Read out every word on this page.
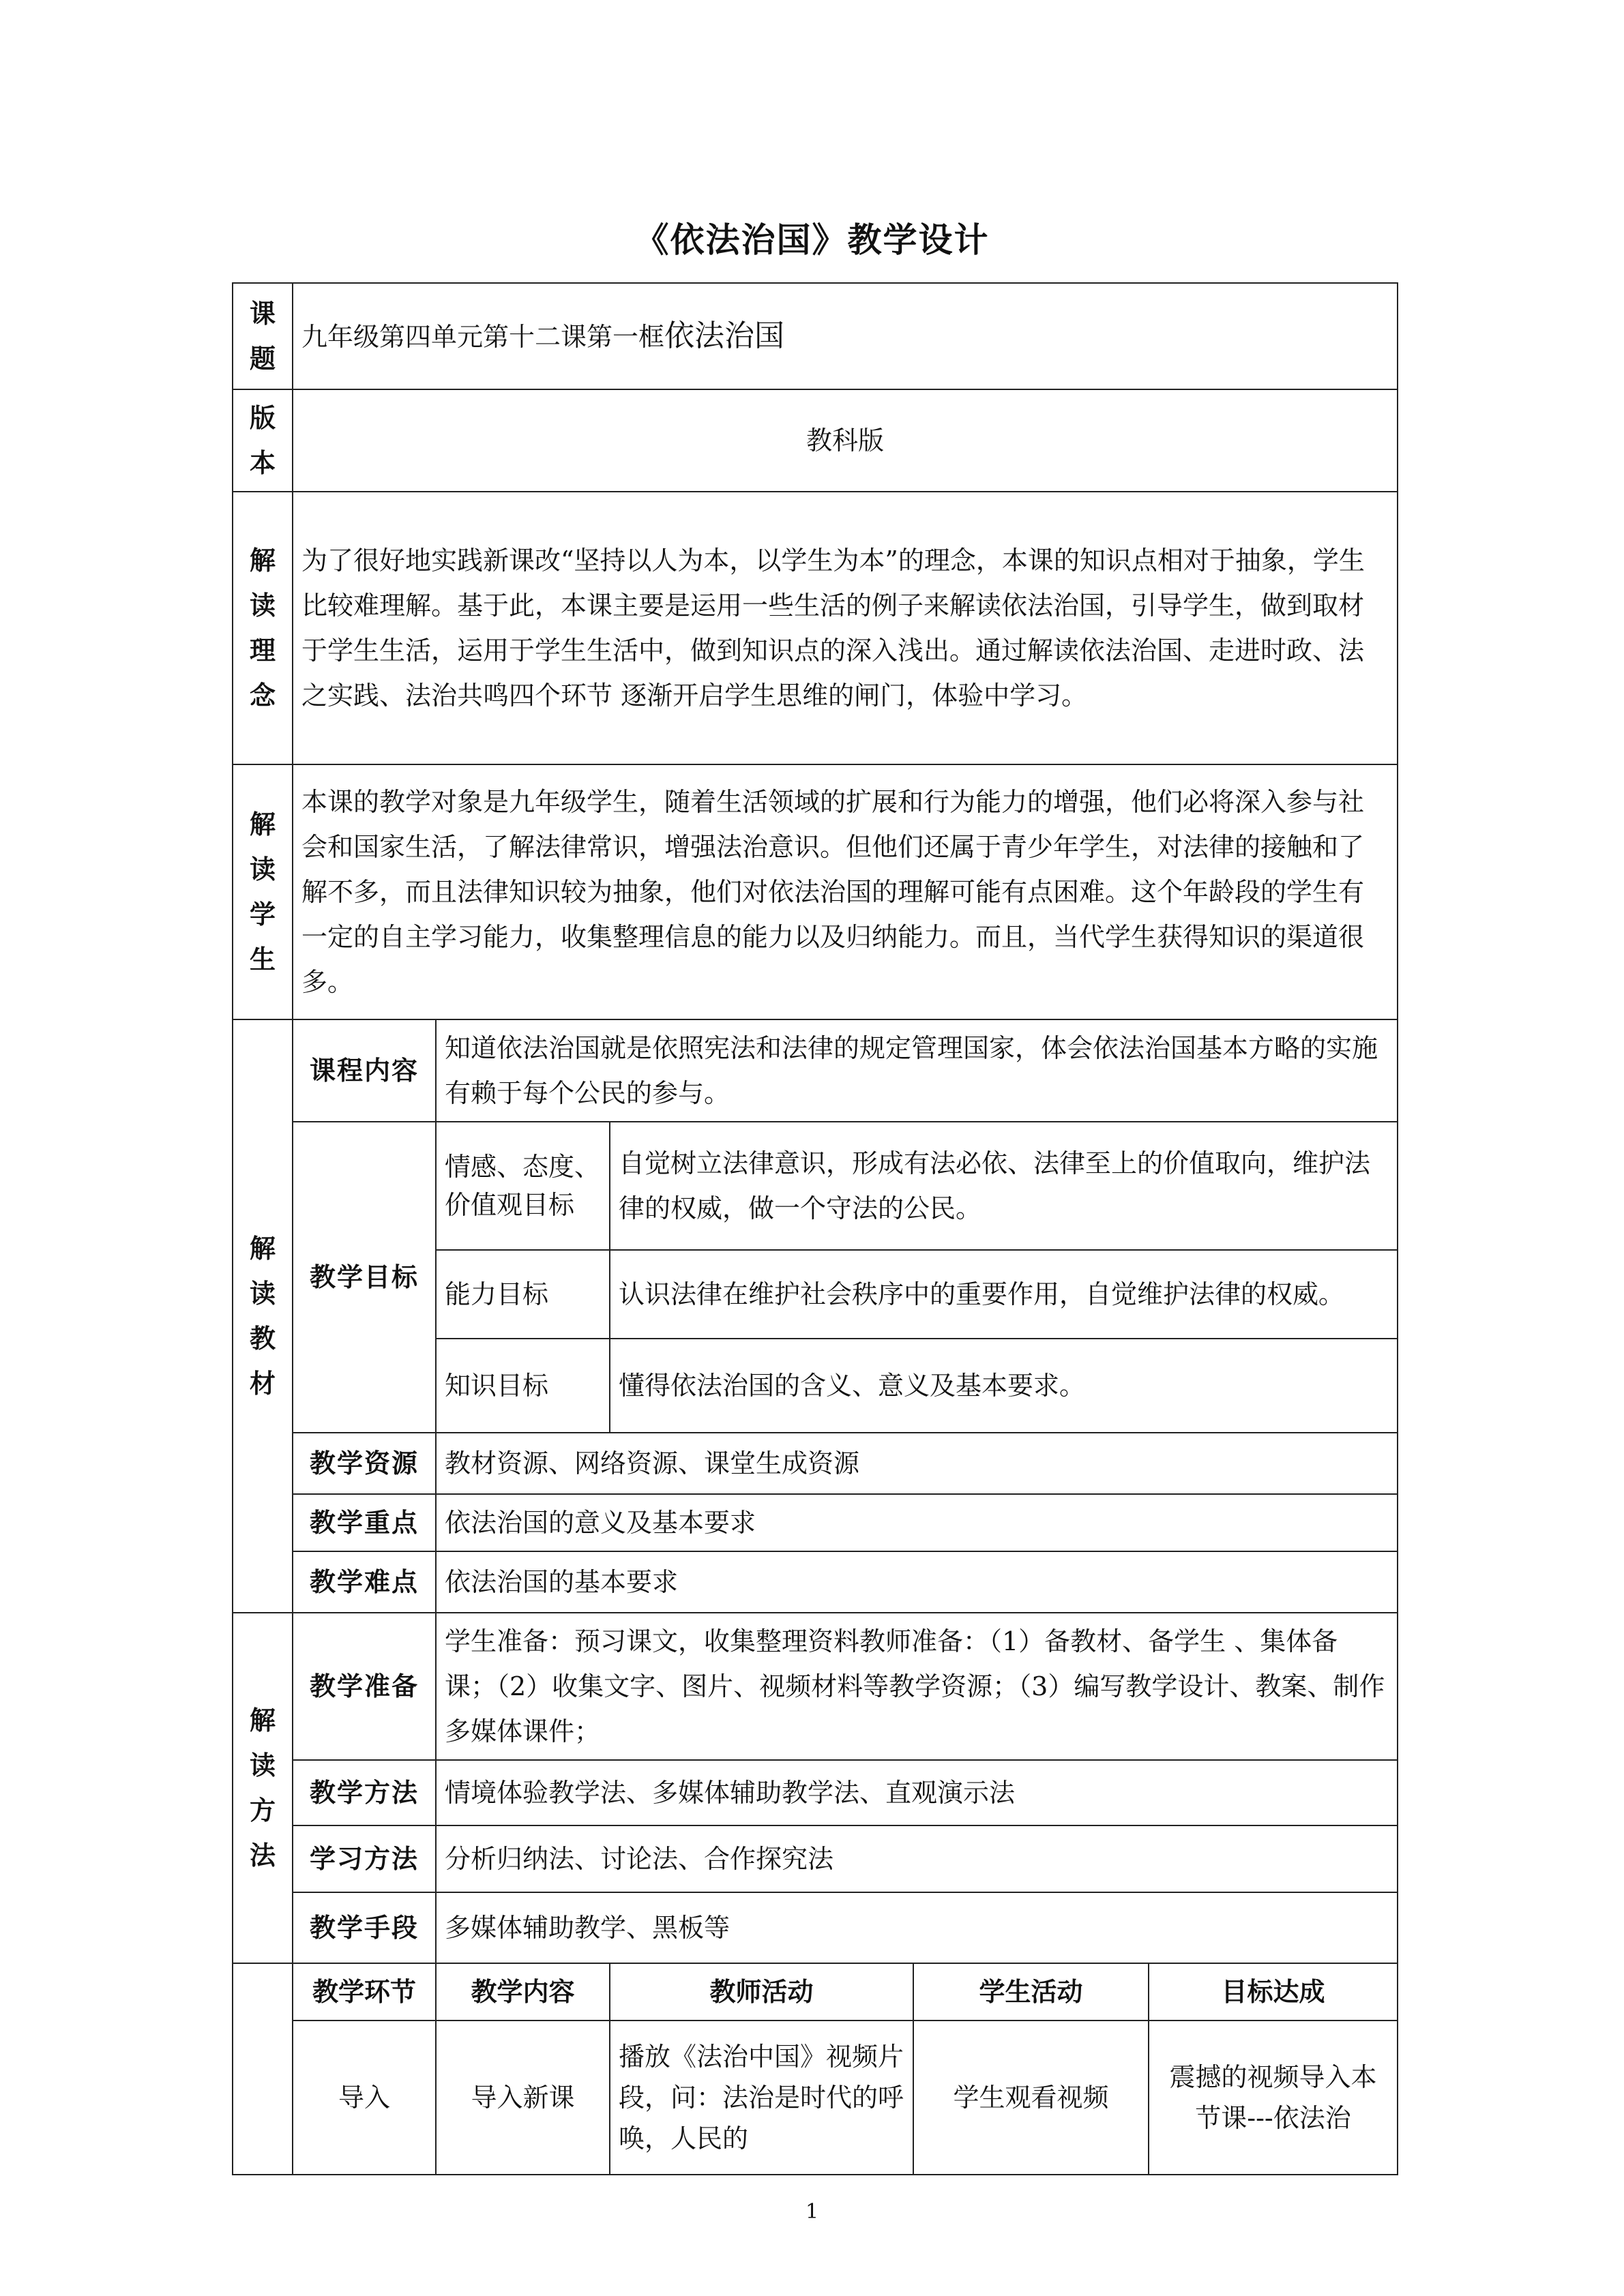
《依法治国》教学设计
课题	九年级第四单元第十二课第一框依法治国				
版本	教科版				
解读理念	为了很好地实践新课改“坚持以人为本，以学生为本”的理念，本课的知识点相对于抽象，学生比较难理解。基于此，本课主要是运用一些生活的例子来解读依法治国，引导学生，做到取材于学生生活，运用于学生生活中，做到知识点的深入浅出。通过解读依法治国、走进时政、法之实践、法治共鸣四个环节 逐渐开启学生思维的闸门，体验中学习。				
解读学生	本课的教学对象是九年级学生，随着生活领域的扩展和行为能力的增强，他们必将深入参与社会和国家生活，了解法律常识，增强法治意识。但他们还属于青少年学生，对法律的接触和了解不多，而且法律知识较为抽象，他们对依法治国的理解可能有点困难。这个年龄段的学生有一定的自主学习能力，收集整理信息的能力以及归纳能力。而且，当代学生获得知识的渠道很多。				
解读教材	课程内容	知道依法治国就是依照宪法和法律的规定管理国家，体会依法治国基本方略的实施有赖于每个公民的参与。			
	教学目标	情感、态度、价值观目标	自觉树立法律意识，形成有法必依、法律至上的价值取向，维护法律的权威，做一个守法的公民。		
		能力目标	认识法律在维护社会秩序中的重要作用，自觉维护法律的权威。		
		知识目标	懂得依法治国的含义、意义及基本要求。		
	教学资源	教材资源、网络资源、课堂生成资源			
	教学重点	依法治国的意义及基本要求			
	教学难点	依法治国的基本要求			
解读方法	教学准备	学生准备：预习课文，收集整理资料教师准备：（1）备教材、备学生 、集体备课；（2）收集文字、图片、视频材料等教学资源；（3）编写教学设计、教案、制作多媒体课件；			
	教学方法	情境体验教学法、多媒体辅助教学法、直观演示法			
	学习方法	分析归纳法、讨论法、合作探究法			
	教学手段	多媒体辅助教学、黑板等			
	教学环节	教学内容	教师活动	学生活动	目标达成
	导入	导入新课	播放《法治中国》视频片段，问：法治是时代的呼唤，人民的	学生观看视频	震撼的视频导入本节课---依法治
1
